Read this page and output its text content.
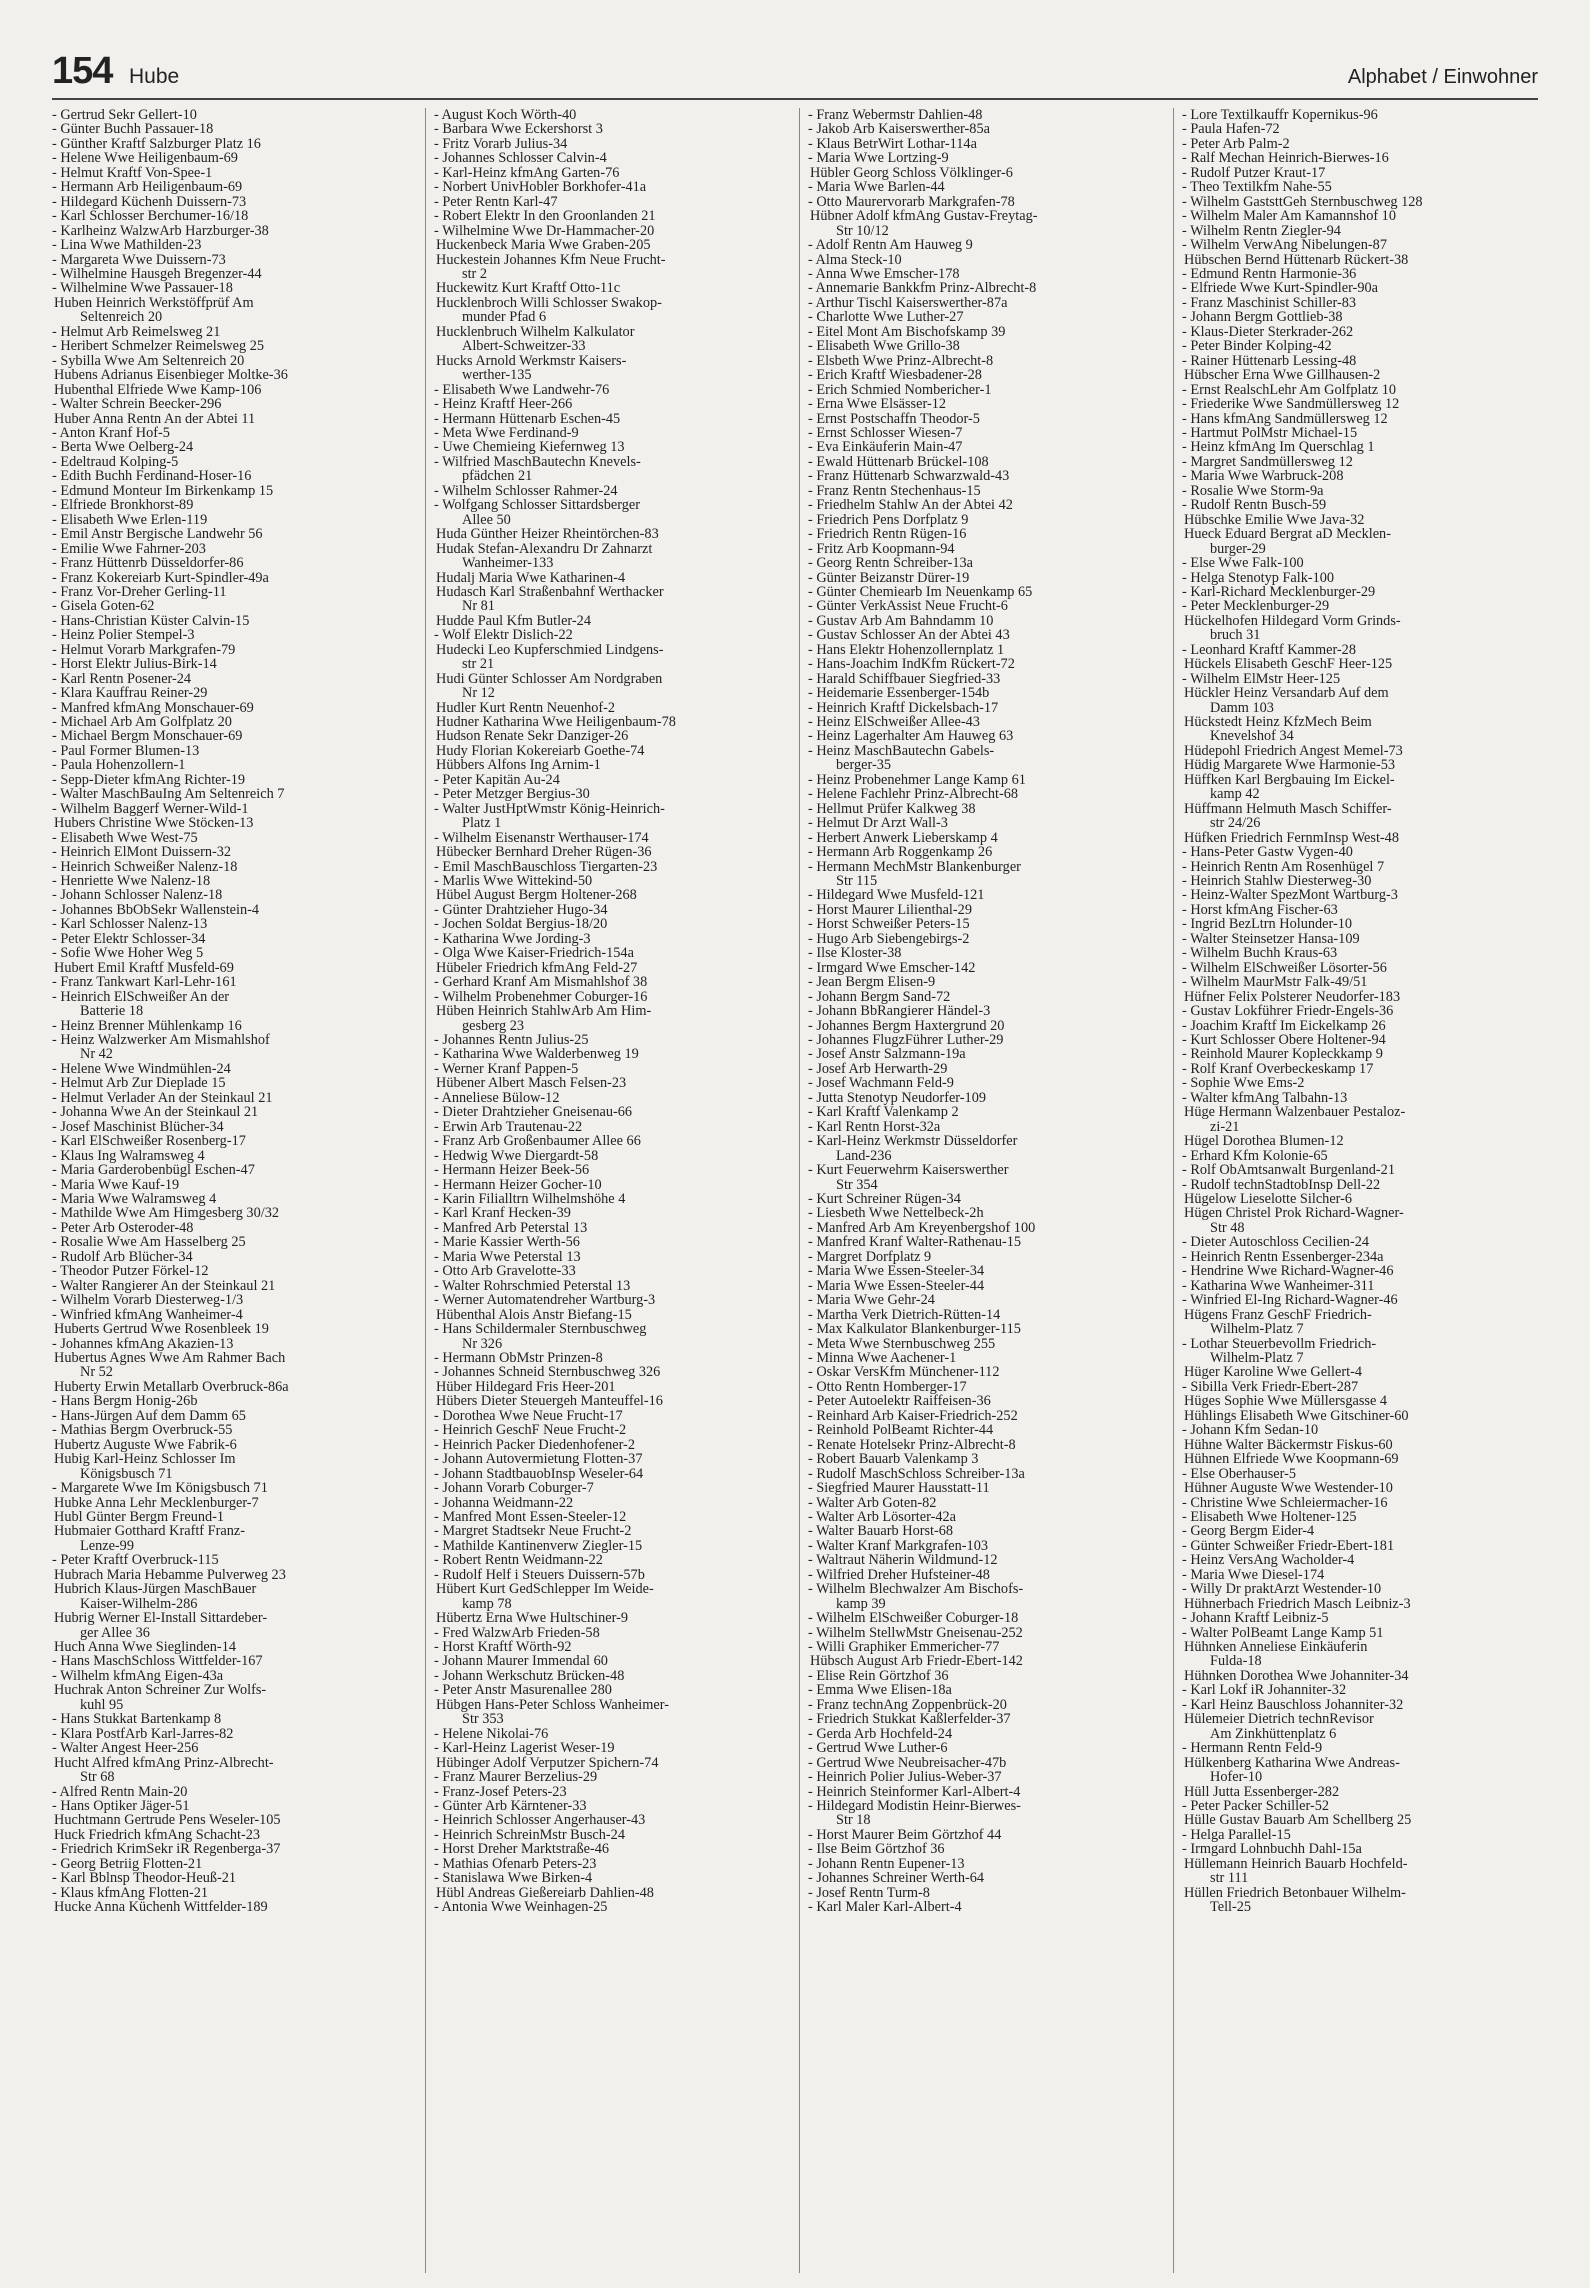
154 Hube	Alphabet / Einwohner
- Gertrud Sekr Gellert-10
- Günter Buchh Passauer-18
- Günther Kraftf Salzburger Platz 16
- Helene Wwe Heiligenbaum-69
- Helmut Kraftf Von-Spee-1
- Hermann Arb Heiligenbaum-69
- Hildegard Küchenh Duissern-73
- Karl Schlosser Berchumer-16/18
- Karlheinz WalzwArb Harzburger-38
- Lina Wwe Mathilden-23
- Margareta Wwe Duissern-73
- Wilhelmine Hausgeh Bregenzer-44
- Wilhelmine Wwe Passauer-18
Huben Heinrich Werkstöffprüf Am
Seltenreich 20
- Helmut Arb Reimelsweg 21
- Heribert Schmelzer Reimelsweg 25
- Sybilla Wwe Am Seltenreich 20
Hubens Adrianus Eisenbieger Moltke-36
Hubenthal Elfriede Wwe Kamp-106
- Walter Schrein Beecker-296
Huber Anna Rentn An der Abtei 11
- Anton Kranf Hof-5
- Berta Wwe Oelberg-24
- Edeltraud Kolping-5
- Edith Buchh Ferdinand-Hoser-16
- Edmund Monteur Im Birkenkamp 15
- Elfriede Bronkhorst-89
- Elisabeth Wwe Erlen-119
- Emil Anstr Bergische Landwehr 56
- Emilie Wwe Fahrner-203
- Franz Hüttenrb Düsseldorfer-86
- Franz Kokereiarb Kurt-Spindler-49a
- Franz Vor-Dreher Gerling-11
- Gisela Goten-62
- Hans-Christian Küster Calvin-15
- Heinz Polier Stempel-3
- Helmut Vorarb Markgrafen-79
- Horst Elektr Julius-Birk-14
- Karl Rentn Posener-24
- Klara Kauffrau Reiner-29
- Manfred kfmAng Monschauer-69
- Michael Arb Am Golfplatz 20
- Michael Bergm Monschauer-69
- Paul Former Blumen-13
- Paula Hohenzollern-1
- Sepp-Dieter kfmAng Richter-19
- Walter MaschBauIng Am Seltenreich 7
- Wilhelm Baggerf Werner-Wild-1
Hubers Christine Wwe Stöcken-13
- Elisabeth Wwe West-75
- Heinrich ElMont Duissern-32
- Heinrich Schweißer Nalenz-18
- Henriette Wwe Nalenz-18
- Johann Schlosser Nalenz-18
- Johannes BbObSekr Wallenstein-4
- Karl Schlosser Nalenz-13
- Peter Elektr Schlosser-34
- Sofie Wwe Hoher Weg 5
Hubert Emil Kraftf Musfeld-69
- Franz Tankwart Karl-Lehr-161
- Heinrich ElSchweißer An der
Batterie 18
- Heinz Brenner Mühlenkamp 16
- Heinz Walzwerker Am Mismahlshof
Nr 42
- Helene Wwe Windmühlen-24
- Helmut Arb Zur Dieplade 15
- Helmut Verlader An der Steinkaul 21
- Johanna Wwe An der Steinkaul 21
- Josef Maschinist Blücher-34
- Karl ElSchweißer Rosenberg-17
- Klaus Ing Walramsweg 4
- Maria Garderobenbügl Eschen-47
- Maria Wwe Kauf-19
- Maria Wwe Walramsweg 4
- Mathilde Wwe Am Himgesberg 30/32
- Peter Arb Osteroder-48
- Rosalie Wwe Am Hasselberg 25
- Rudolf Arb Blücher-34
- Theodor Putzer Förkel-12
- Walter Rangierer An der Steinkaul 21
- Wilhelm Vorarb Diesterweg-1/3
- Winfried kfmAng Wanheimer-4
Huberts Gertrud Wwe Rosenbleek 19
- Johannes kfmAng Akazien-13
Hubertus Agnes Wwe Am Rahmer Bach
Nr 52
Huberty Erwin Metallarb Overbruck-86a
- Hans Bergm Honig-26b
- Hans-Jürgen Auf dem Damm 65
- Mathias Bergm Overbruck-55
Hubertz Auguste Wwe Fabrik-6
Hubig Karl-Heinz Schlosser Im
Königsbusch 71
- Margarete Wwe Im Königsbusch 71
Hubke Anna Lehr Mecklenburger-7
Hubl Günter Bergm Freund-1
Hubmaier Gotthard Kraftf Franz-
Lenze-99
- Peter Kraftf Overbruck-115
Hubrach Maria Hebamme Pulverweg 23
Hubrich Klaus-Jürgen MaschBauer
Kaiser-Wilhelm-286
Hubrig Werner El-Install Sittardeber-
ger Allee 36
Huch Anna Wwe Sieglinden-14
- Hans MaschSchloss Wittfelder-167
- Wilhelm kfmAng Eigen-43a
Huchrak Anton Schreiner Zur Wolfs-
kuhl 95
- Hans Stukkat Bartenkamp 8
- Klara PostfArb Karl-Jarres-82
- Walter Angest Heer-256
Hucht Alfred kfmAng Prinz-Albrecht-
Str 68
- Alfred Rentn Main-20
- Hans Optiker Jäger-51
Huchtmann Gertrude Pens Weseler-105
Huck Friedrich kfmAng Schacht-23
- Friedrich KrimSekr iR Regenberga-37
- Georg Betriig Flotten-21
- Karl Bblnsp Theodor-Heuß-21
- Klaus kfmAng Flotten-21
Hucke Anna Küchenh Wittfelder-189
- August Koch Wörth-40
- Barbara Wwe Eckershorst 3
- Fritz Vorarb Julius-34
- Johannes Schlosser Calvin-4
- Karl-Heinz kfmAng Garten-76
- Norbert UnivHobler Borkhofer-41a
- Peter Rentn Karl-47
- Robert Elektr In den Groonlanden 21
- Wilhelmine Wwe Dr-Hammacher-20
Huckenbeck Maria Wwe Graben-205
Huckestein Johannes Kfm Neue Frucht-
str 2
Huckewitz Kurt Kraftf Otto-11c
Hucklenbroch Willi Schlosser Swakop-
munder Pfad 6
Hucklenbruch Wilhelm Kalkulator
Albert-Schweitzer-33
Hucks Arnold Werkmstr Kaisers-
werther-135
- Elisabeth Wwe Landwehr-76
- Heinz Kraftf Heer-266
- Hermann Hüttenarb Eschen-45
- Meta Wwe Ferdinand-9
- Uwe Chemieing Kiefernweg 13
- Wilfried MaschBautechn Knevels-
pfädchen 21
- Wilhelm Schlosser Rahmer-24
- Wolfgang Schlosser Sittardsberger
Allee 50
Huda Günther Heizer Rheintörchen-83
Hudak Stefan-Alexandru Dr Zahnarzt
Wanheimer-133
Hudalj Maria Wwe Katharinen-4
Hudasch Karl Straßenbahnf Werthacker
Nr 81
Hudde Paul Kfm Butler-24
- Wolf Elektr Dislich-22
Hudecki Leo Kupferschmied Lindgens-
str 21
Hudi Günter Schlosser Am Nordgraben
Nr 12
Hudler Kurt Rentn Neuenhof-2
Hudner Katharina Wwe Heiligenbaum-78
Hudson Renate Sekr Danziger-26
Hudy Florian Kokereiarb Goethe-74
Hübbers Alfons Ing Arnim-1
- Peter Kapitän Au-24
- Peter Metzger Bergius-30
- Walter JustHptWmstr König-Heinrich-
Platz 1
- Wilhelm Eisenanstr Werthauser-174
Hübecker Bernhard Dreher Rügen-36
- Emil MaschBauschloss Tiergarten-23
- Marlis Wwe Wittekind-50
Hübel August Bergm Holtener-268
- Günter Drahtzieher Hugo-34
- Jochen Soldat Bergius-18/20
- Katharina Wwe Jording-3
- Olga Wwe Kaiser-Friedrich-154a
Hübeler Friedrich kfmAng Feld-27
- Gerhard Kranf Am Mismahlshof 38
- Wilhelm Probenehmer Coburger-16
Hüben Heinrich StahlwArb Am Him-
gesberg 23
- Johannes Rentn Julius-25
- Katharina Wwe Walderbenweg 19
- Werner Kranf Pappen-5
Hübener Albert Masch Felsen-23
- Anneliese Bülow-12
- Dieter Drahtzieher Gneisenau-66
- Erwin Arb Trautenau-22
- Franz Arb Großenbaumer Allee 66
- Hedwig Wwe Diergardt-58
- Hermann Heizer Beek-56
- Hermann Heizer Gocher-10
- Karin Filialltrn Wilhelmshöhe 4
- Karl Kranf Hecken-39
- Manfred Arb Peterstal 13
- Marie Kassier Werth-56
- Maria Wwe Peterstal 13
- Otto Arb Gravelotte-33
- Walter Rohrschmied Peterstal 13
- Werner Automatendreher Wartburg-3
Hübenthal Alois Anstr Biefang-15
- Hans Schildermaler Sternbuschweg
Nr 326
- Hermann ObMstr Prinzen-8
- Johannes Schneid Sternbuschweg 326
Hüber Hildegard Fris Heer-201
Hübers Dieter Steuergeh Manteuffel-16
- Dorothea Wwe Neue Frucht-17
- Heinrich GeschF Neue Frucht-2
- Heinrich Packer Diedenhofener-2
- Johann Autovermietung Flotten-37
- Johann StadtbauobInsp Weseler-64
- Johann Vorarb Coburger-7
- Johanna Weidmann-22
- Manfred Mont Essen-Steeler-12
- Margret Stadtsekr Neue Frucht-2
- Mathilde Kantinenverw Ziegler-15
- Robert Rentn Weidmann-22
- Rudolf Helf i Steuers Duissern-57b
Hübert Kurt GedSchlepper Im Weide-
kamp 78
Hübertz Erna Wwe Hultschiner-9
- Fred WalzwArb Frieden-58
- Horst Kraftf Wörth-92
- Johann Maurer Immendal 60
- Johann Werkschutz Brücken-48
- Peter Anstr Masurenallee 280
Hübgen Hans-Peter Schloss Wanheimer-
Str 353
- Helene Nikolai-76
- Karl-Heinz Lagerist Weser-19
Hübinger Adolf Verputzer Spichern-74
- Franz Maurer Berzelius-29
- Franz-Josef Peters-23
- Günter Arb Kärntener-33
- Heinrich Schlosser Angerhauser-43
- Heinrich SchreinMstr Busch-24
- Horst Dreher Marktstraße-46
- Mathias Ofenarb Peters-23
- Stanislawa Wwe Birken-4
Hübl Andreas Gießereiarb Dahlien-48
- Antonia Wwe Weinhagen-25
- Franz Webermstr Dahlien-48
- Jakob Arb Kaiserswerther-85a
- Klaus BetrWirt Lothar-114a
- Maria Wwe Lortzing-9
Hübler Georg Schloss Völklinger-6
- Maria Wwe Barlen-44
- Otto Maurervorarb Markgrafen-78
Hübner Adolf kfmAng Gustav-Freytag-
Str 10/12
- Adolf Rentn Am Hauweg 9
- Alma Steck-10
- Anna Wwe Emscher-178
- Annemarie Bankkfm Prinz-Albrecht-8
- Arthur Tischl Kaiserswerther-87a
- Charlotte Wwe Luther-27
- Eitel Mont Am Bischofskamp 39
- Elisabeth Wwe Grillo-38
- Elsbeth Wwe Prinz-Albrecht-8
- Erich Kraftf Wiesbadener-28
- Erich Schmied Nombericher-1
- Erna Wwe Elsässer-12
- Ernst Postschaffn Theodor-5
- Ernst Schlosser Wiesen-7
- Eva Einkäuferin Main-47
- Ewald Hüttenarb Brückel-108
- Franz Hüttenarb Schwarzwald-43
- Franz Rentn Stechenhaus-15
- Friedhelm Stahlw An der Abtei 42
- Friedrich Pens Dorfplatz 9
- Friedrich Rentn Rügen-16
- Fritz Arb Koopmann-94
- Georg Rentn Schreiber-13a
- Günter Beizanstr Dürer-19
- Günter Chemiearb Im Neuenkamp 65
- Günter VerkAssist Neue Frucht-6
- Gustav Arb Am Bahndamm 10
- Gustav Schlosser An der Abtei 43
- Hans Elektr Hohenzollernplatz 1
- Hans-Joachim IndKfm Rückert-72
- Harald Schiffbauer Siegfried-33
- Heidemarie Essenberger-154b
- Heinrich Kraftf Dickelsbach-17
- Heinz ElSchweißer Allee-43
- Heinz Lagerhalter Am Hauweg 63
- Heinz MaschBautechn Gabels-
berger-35
- Heinz Probenehmer Lange Kamp 61
- Helene Fachlehr Prinz-Albrecht-68
- Hellmut Prüfer Kalkweg 38
- Helmut Dr Arzt Wall-3
- Herbert Anwerk Lieberskamp 4
- Hermann Arb Roggenkamp 26
- Hermann MechMstr Blankenburger
Str 115
- Hildegard Wwe Musfeld-121
- Horst Maurer Lilienthal-29
- Horst Schweißer Peters-15
- Hugo Arb Siebengebirgs-2
- Ilse Kloster-38
- Irmgard Wwe Emscher-142
- Jean Bergm Elisen-9
- Johann Bergm Sand-72
- Johann BbRangierer Händel-3
- Johannes Bergm Haxtergrund 20
- Johannes FlugzFührer Luther-29
- Josef Anstr Salzmann-19a
- Josef Arb Herwarth-29
- Josef Wachmann Feld-9
- Jutta Stenotyp Neudorfer-109
- Karl Kraftf Valenkamp 2
- Karl Rentn Horst-32a
- Karl-Heinz Werkmstr Düsseldorfer
Land-236
- Kurt Feuerwehrm Kaiserswerther
Str 354
- Kurt Schreiner Rügen-34
- Liesbeth Wwe Nettelbeck-2h
- Manfred Arb Am Kreyenbergshof 100
- Manfred Kranf Walter-Rathenau-15
- Margret Dorfplatz 9
- Maria Wwe Essen-Steeler-34
- Maria Wwe Essen-Steeler-44
- Maria Wwe Gehr-24
- Martha Verk Dietrich-Rütten-14
- Max Kalkulator Blankenburger-115
- Meta Wwe Sternbuschweg 255
- Minna Wwe Aachener-1
- Oskar VersKfm Münchener-112
- Otto Rentn Homberger-17
- Peter Autoelektr Raiffeisen-36
- Reinhard Arb Kaiser-Friedrich-252
- Reinhold PolBeamt Richter-44
- Renate Hotelsekr Prinz-Albrecht-8
- Robert Bauarb Valenkamp 3
- Rudolf MaschSchloss Schreiber-13a
- Siegfried Maurer Hausstatt-11
- Walter Arb Goten-82
- Walter Arb Lösorter-42a
- Walter Bauarb Horst-68
- Walter Kranf Markgrafen-103
- Waltraut Näherin Wildmund-12
- Wilfried Dreher Hufsteiner-48
- Wilhelm Blechwalzer Am Bischofs-
kamp 39
- Wilhelm ElSchweißer Coburger-18
- Wilhelm StellwMstr Gneisenau-252
- Willi Graphiker Emmericher-77
Hübsch August Arb Friedr-Ebert-142
- Elise Rein Görtzhof 36
- Emma Wwe Elisen-18a
- Franz technAng Zoppenbrück-20
- Friedrich Stukkat Kaßlerfelder-37
- Gerda Arb Hochfeld-24
- Gertrud Wwe Luther-6
- Gertrud Wwe Neubreisacher-47b
- Heinrich Polier Julius-Weber-37
- Heinrich Steinformer Karl-Albert-4
- Hildegard Modistin Heinr-Bierwes-
Str 18
- Horst Maurer Beim Görtzhof 44
- Ilse Beim Görtzhof 36
- Johann Rentn Eupener-13
- Johannes Schreiner Werth-64
- Josef Rentn Turm-8
- Karl Maler Karl-Albert-4
- Lore Textilkauffr Kopernikus-96
- Paula Hafen-72
- Peter Arb Palm-2
- Ralf Mechan Heinrich-Bierwes-16
- Rudolf Putzer Kraut-17
- Theo Textilkfm Nahe-55
- Wilhelm GaststtGeh Sternbuschweg 128
- Wilhelm Maler Am Kamannshof 10
- Wilhelm Rentn Ziegler-94
- Wilhelm VerwAng Nibelungen-87
Hübschen Bernd Hüttenarb Rückert-38
- Edmund Rentn Harmonie-36
- Elfriede Wwe Kurt-Spindler-90a
- Franz Maschinist Schiller-83
- Johann Bergm Gottlieb-38
- Klaus-Dieter Sterkrader-262
- Peter Binder Kolping-42
- Rainer Hüttenarb Lessing-48
Hübscher Erna Wwe Gillhausen-2
- Ernst RealschLehr Am Golfplatz 10
- Friederike Wwe Sandmüllersweg 12
- Hans kfmAng Sandmüllersweg 12
- Hartmut PolMstr Michael-15
- Heinz kfmAng Im Querschlag 1
- Margret Sandmüllersweg 12
- Maria Wwe Warbruck-208
- Rosalie Wwe Storm-9a
- Rudolf Rentn Busch-59
Hübschke Emilie Wwe Java-32
Hueck Eduard Bergrat aD Mecklen-
burger-29
- Else Wwe Falk-100
- Helga Stenotyp Falk-100
- Karl-Richard Mecklenburger-29
- Peter Mecklenburger-29
Hückelhofen Hildegard Vorm Grinds-
bruch 31
- Leonhard Kraftf Kammer-28
Hückels Elisabeth GeschF Heer-125
- Wilhelm ElMstr Heer-125
Hückler Heinz Versandarb Auf dem
Damm 103
Hückstedt Heinz KfzMech Beim
Knevelshof 34
Hüdepohl Friedrich Angest Memel-73
Hüdig Margarete Wwe Harmonie-53
Hüffken Karl Bergbauing Im Eickel-
kamp 42
Hüffmann Helmuth Masch Schiffer-
str 24/26
Hüfken Friedrich FernmInsp West-48
- Hans-Peter Gastw Vygen-40
- Heinrich Rentn Am Rosenhügel 7
- Heinrich Stahlw Diesterweg-30
- Heinz-Walter SpezMont Wartburg-3
- Horst kfmAng Fischer-63
- Ingrid BezLtrn Holunder-10
- Walter Steinsetzer Hansa-109
- Wilhelm Buchh Kraus-63
- Wilhelm ElSchweißer Lösorter-56
- Wilhelm MaurMstr Falk-49/51
Hüfner Felix Polsterer Neudorfer-183
- Gustav Lokführer Friedr-Engels-36
- Joachim Kraftf Im Eickelkamp 26
- Kurt Schlosser Obere Holtener-94
- Reinhold Maurer Kopleckkamp 9
- Rolf Kranf Overbeckeskamp 17
- Sophie Wwe Ems-2
- Walter kfmAng Talbahn-13
Hüge Hermann Walzenbauer Pestaloz-
zi-21
Hügel Dorothea Blumen-12
- Erhard Kfm Kolonie-65
- Rolf ObAmtsanwalt Burgenland-21
- Rudolf technStadtobInsp Dell-22
Hügelow Lieselotte Silcher-6
Hügen Christel Prok Richard-Wagner-
Str 48
- Dieter Autoschloss Cecilien-24
- Heinrich Rentn Essenberger-234a
- Hendrine Wwe Richard-Wagner-46
- Katharina Wwe Wanheimer-311
- Winfried El-Ing Richard-Wagner-46
Hügens Franz GeschF Friedrich-
Wilhelm-Platz 7
- Lothar Steuerbevollm Friedrich-
Wilhelm-Platz 7
Hüger Karoline Wwe Gellert-4
- Sibilla Verk Friedr-Ebert-287
Hüges Sophie Wwe Müllersgasse 4
Hühlings Elisabeth Wwe Gitschiner-60
- Johann Kfm Sedan-10
Hühne Walter Bäckermstr Fiskus-60
Hühnen Elfriede Wwe Koopmann-69
- Else Oberhauser-5
Hühner Auguste Wwe Westender-10
- Christine Wwe Schleiermacher-16
- Elisabeth Wwe Holtener-125
- Georg Bergm Eider-4
- Günter Schweißer Friedr-Ebert-181
- Heinz VersAng Wacholder-4
- Maria Wwe Diesel-174
- Willy Dr praktArzt Westender-10
Hühnerbach Friedrich Masch Leibniz-3
- Johann Kraftf Leibniz-5
- Walter PolBeamt Lange Kamp 51
Hühnken Anneliese Einkäuferin
Fulda-18
Hühnken Dorothea Wwe Johanniter-34
- Karl Lokf iR Johanniter-32
- Karl Heinz Bauschloss Johanniter-32
Hülemeier Dietrich technRevisor
Am Zinkhüttenplatz 6
- Hermann Rentn Feld-9
Hülkenberg Katharina Wwe Andreas-
Hofer-10
Hüll Jutta Essenberger-282
- Peter Packer Schiller-52
Hülle Gustav Bauarb Am Schellberg 25
- Helga Parallel-15
- Irmgard Lohnbuchh Dahl-15a
Hüllemann Heinrich Bauarb Hochfeld-
str 111
Hüllen Friedrich Betonbauer Wilhelm-
Tell-25
